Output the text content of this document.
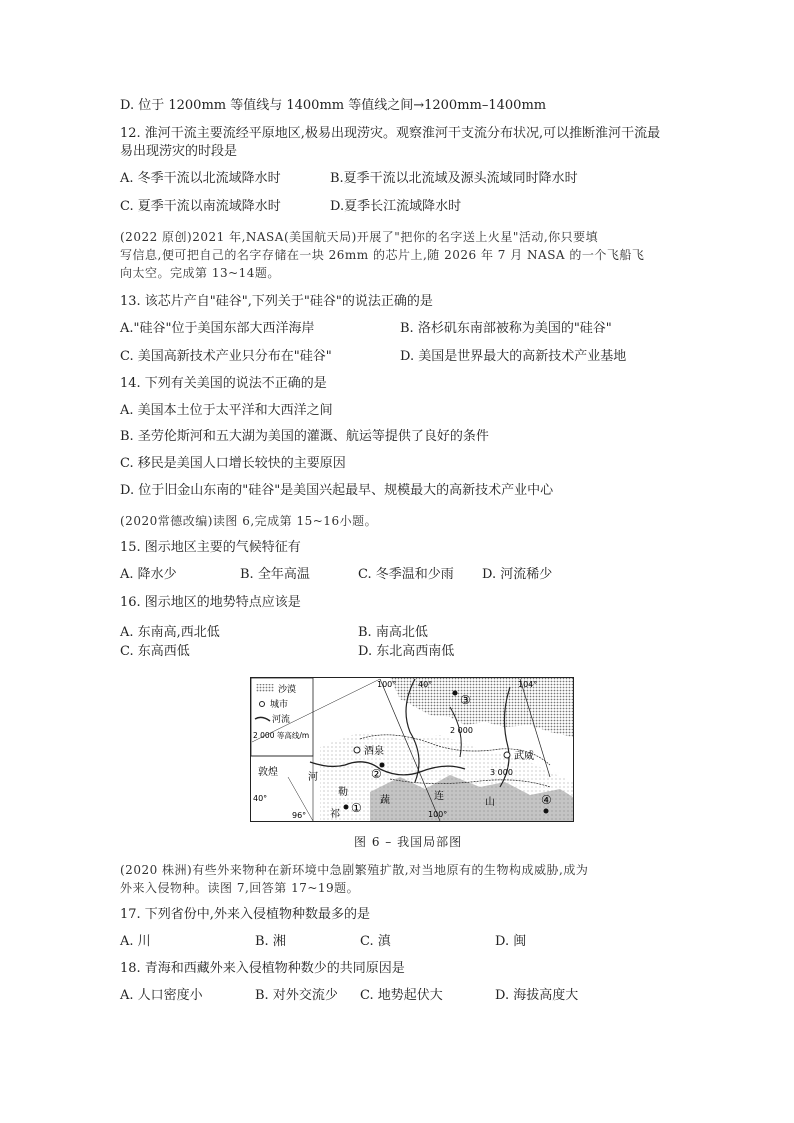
D. 位于 1200mm 等值线与 1400mm 等值线之间→1200mm–1400mm
12. 淮河干流主要流经平原地区,极易出现涝灾。观察淮河干支流分布状况,可以推断淮河干流最
易出现涝灾的时段是
A. 冬季干流以北流域降水时	B.夏季干流以北流域及源头流域同时降水时
C. 夏季干流以南流域降水时	D.夏季长江流域降水时
(2022 原创)2021 年,NASA(美国航天局)开展了"把你的名字送上火星"活动,你只要填
写信息,便可把自己的名字存储在一块 26mm 的芯片上,随 2026 年 7 月 NASA 的一个飞船飞
向太空。完成第 13~14题。
13. 该芯片产自"硅谷",下列关于"硅谷"的说法正确的是
A."硅谷"位于美国东部大西洋海岸	B. 洛杉矶东南部被称为美国的"硅谷"
C. 美国高新技术产业只分布在"硅谷"	D. 美国是世界最大的高新技术产业基地
14. 下列有关美国的说法不正确的是
A. 美国本土位于太平洋和大西洋之间
B. 圣劳伦斯河和五大湖为美国的灌溉、航运等提供了良好的条件
C. 移民是美国人口增长较快的主要原因
D. 位于旧金山东南的"硅谷"是美国兴起最早、规模最大的高新技术产业中心
(2020常德改编)读图 6,完成第 15~16小题。
15. 图示地区主要的气候特征有
A. 降水少	B. 全年高温	C. 冬季温和少雨 D. 河流稀少
16. 图示地区的地势特点应该是
A. 东南高,西北低	B. 南高北低
C. 东高西低	D. 东北高西南低
沙漠
城市
河流
2 000 等高线/m
酒泉
敦煌
武威
河
祁
连
山
勒
蔬
100°
100°
104°
96°
40°
40°
2 000
3 000
③
②
①
④
图 6 – 我国局部图
(2020 株洲)有些外来物种在新环境中急剧繁殖扩散,对当地原有的生物构成威胁,成为
外来入侵物种。读图 7,回答第 17~19题。
17. 下列省份中,外来入侵植物种数最多的是
A. 川	B. 湘	C. 滇	D. 闽
18. 青海和西藏外来入侵植物种数少的共同原因是
A. 人口密度小	B. 对外交流少 C. 地势起伏大	D. 海拔高度大
